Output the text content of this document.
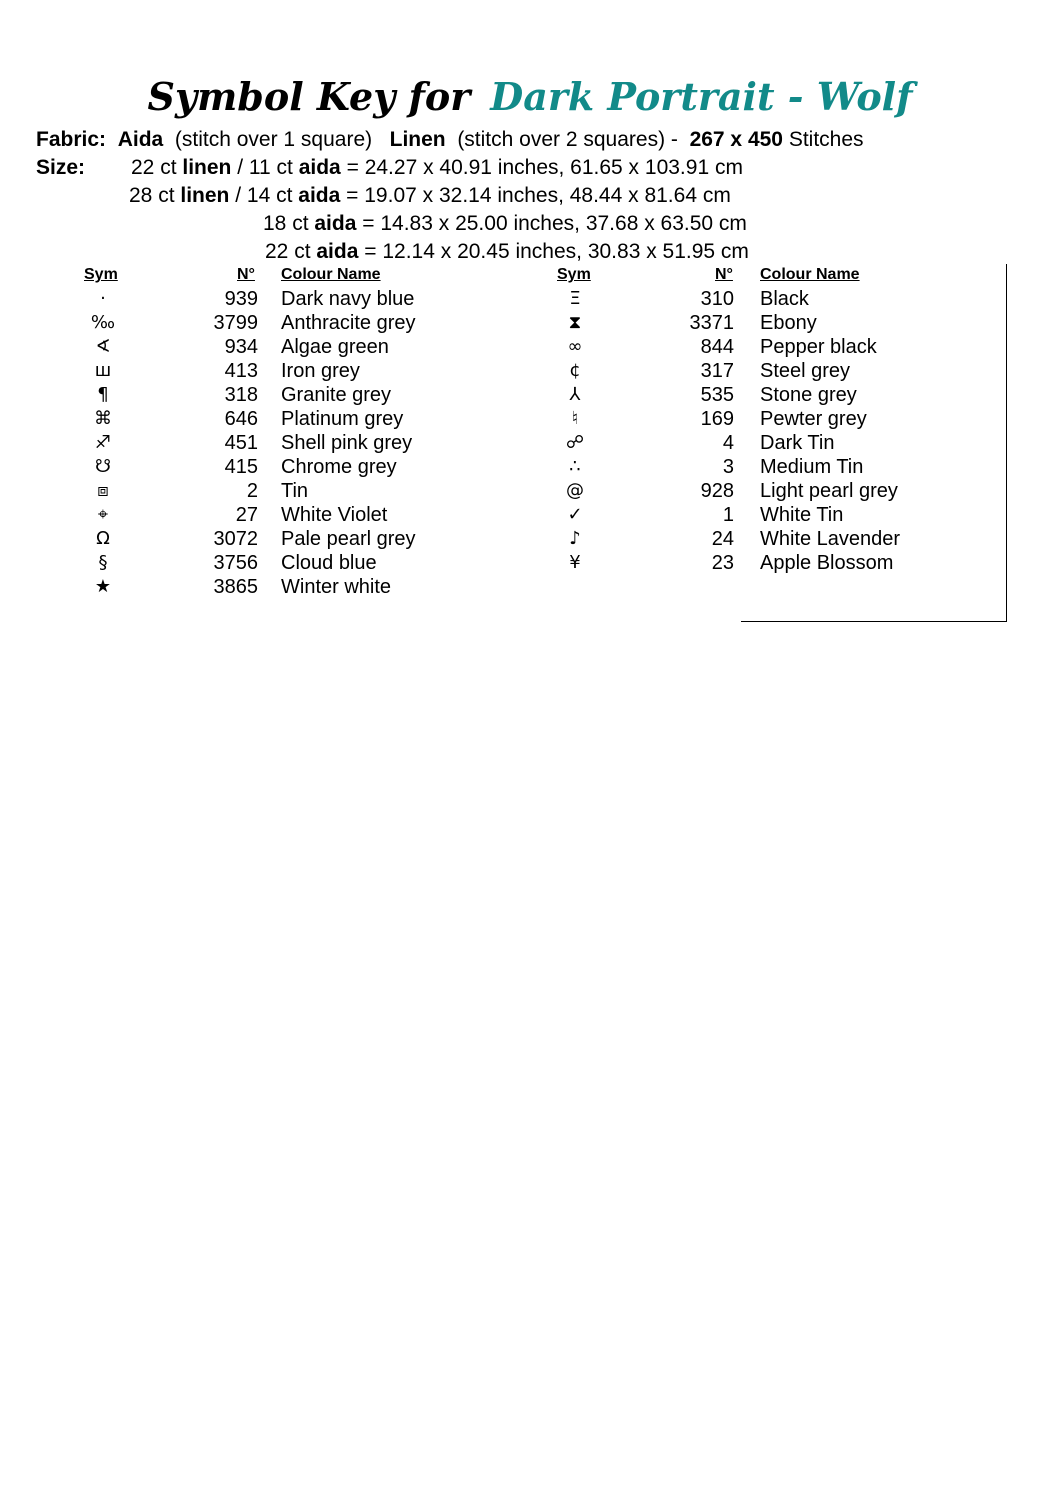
Symbol Key for Dark Portrait - Wolf
Fabric: Aida (stitch over 1 square) Linen (stitch over 2 squares) - 267 x 450 Stitches
Size: 22 ct linen / 11 ct aida = 24.27 x 40.91 inches, 61.65 x 103.91 cm
28 ct linen / 14 ct aida = 19.07 x 32.14 inches, 48.44 x 81.64 cm
18 ct aida = 14.83 x 25.00 inches, 37.68 x 63.50 cm
22 ct aida = 12.14 x 20.45 inches, 30.83 x 51.95 cm
Sym	N° Colour Name	Sym	N° Colour Name
·	939 Dark navy blue
‰	3799 Anthracite grey
∢	934 Algae green
ш	413 Iron grey
¶	318 Granite grey
⌘	646 Platinum grey
♐	451 Shell pink grey
☋	415 Chrome grey
⧈	2 Tin
⌖	27 White Violet
Ω	3072 Pale pearl grey
§	3756 Cloud blue
★	3865 Winter white
Ξ	310 Black
⧗	3371 Ebony
∞	844 Pepper black
¢	317 Steel grey
⅄	535 Stone grey
♮	169 Pewter grey
☍	4 Dark Tin
∴	3 Medium Tin
@	928 Light pearl grey
✓	1 White Tin
♪	24 White Lavender
¥	23 Apple Blossom
